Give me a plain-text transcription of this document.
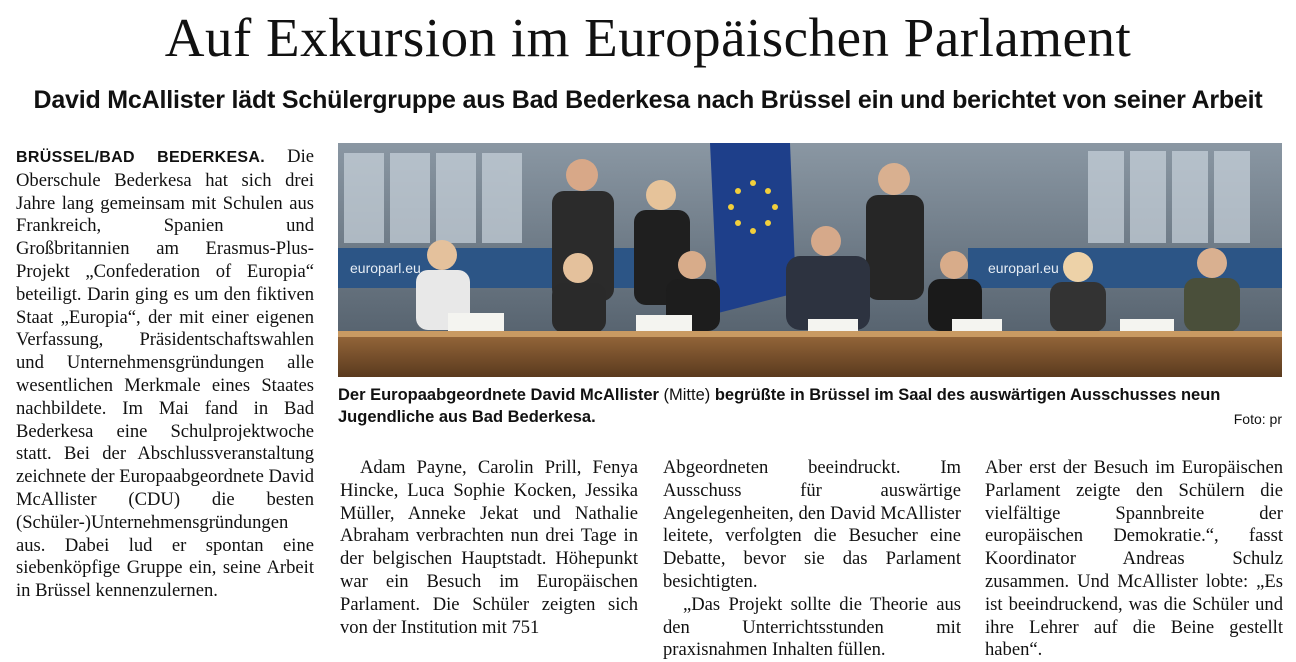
Auf Exkursion im Europäischen Parlament
David McAllister lädt Schülergruppe aus Bad Bederkesa nach Brüssel ein und berichtet von seiner Arbeit

BRÜSSEL/BAD BEDERKESA. Die Oberschule Bederkesa hat sich drei Jahre lang gemeinsam mit Schulen aus Frankreich, Spanien und Großbritannien am Erasmus-Plus-Projekt „Confederation of Europia“ beteiligt. Darin ging es um den fiktiven Staat „Europia“, der mit einer eigenen Verfassung, Präsidentschaftswahlen und Unternehmensgründungen alle wesentlichen Merkmale eines Staates nachbildete. Im Mai fand in Bad Bederkesa eine Schulprojektwoche statt. Bei der Abschlussveranstaltung zeichnete der Europaabgeordnete David McAllister (CDU) die besten (Schüler-)Unternehmensgründungen aus. Dabei lud er spontan eine siebenköpfige Gruppe ein, seine Arbeit in Brüssel kennenzulernen.

europarl.eu	europarl.eu

Der Europaabgeordnete David McAllister (Mitte) begrüßte in Brüssel im Saal des auswärtigen Ausschusses neun Jugendliche aus Bad Bederkesa.	Foto: pr

Adam Payne, Carolin Prill, Fenya Hincke, Luca Sophie Kocken, Jessika Müller, Anneke Jekat und Nathalie Abraham verbrachten nun drei Tage in der belgischen Hauptstadt. Höhepunkt war ein Besuch im Europäischen Parlament. Die Schüler zeigten sich von der Institution mit 751

Abgeordneten beeindruckt. Im Ausschuss für auswärtige Angelegenheiten, den David McAllister leitete, verfolgten die Besucher eine Debatte, bevor sie das Parlament besichtigten.

„Das Projekt sollte die Theorie aus den Unterrichtsstunden mit praxisnahmen Inhalten füllen.

Aber erst der Besuch im Europäischen Parlament zeigte den Schülern die vielfältige Spannbreite der europäischen Demokratie.“, fasst Koordinator Andreas Schulz zusammen. Und McAllister lobte: „Es ist beeindruckend, was die Schüler und ihre Lehrer auf die Beine gestellt haben“.
